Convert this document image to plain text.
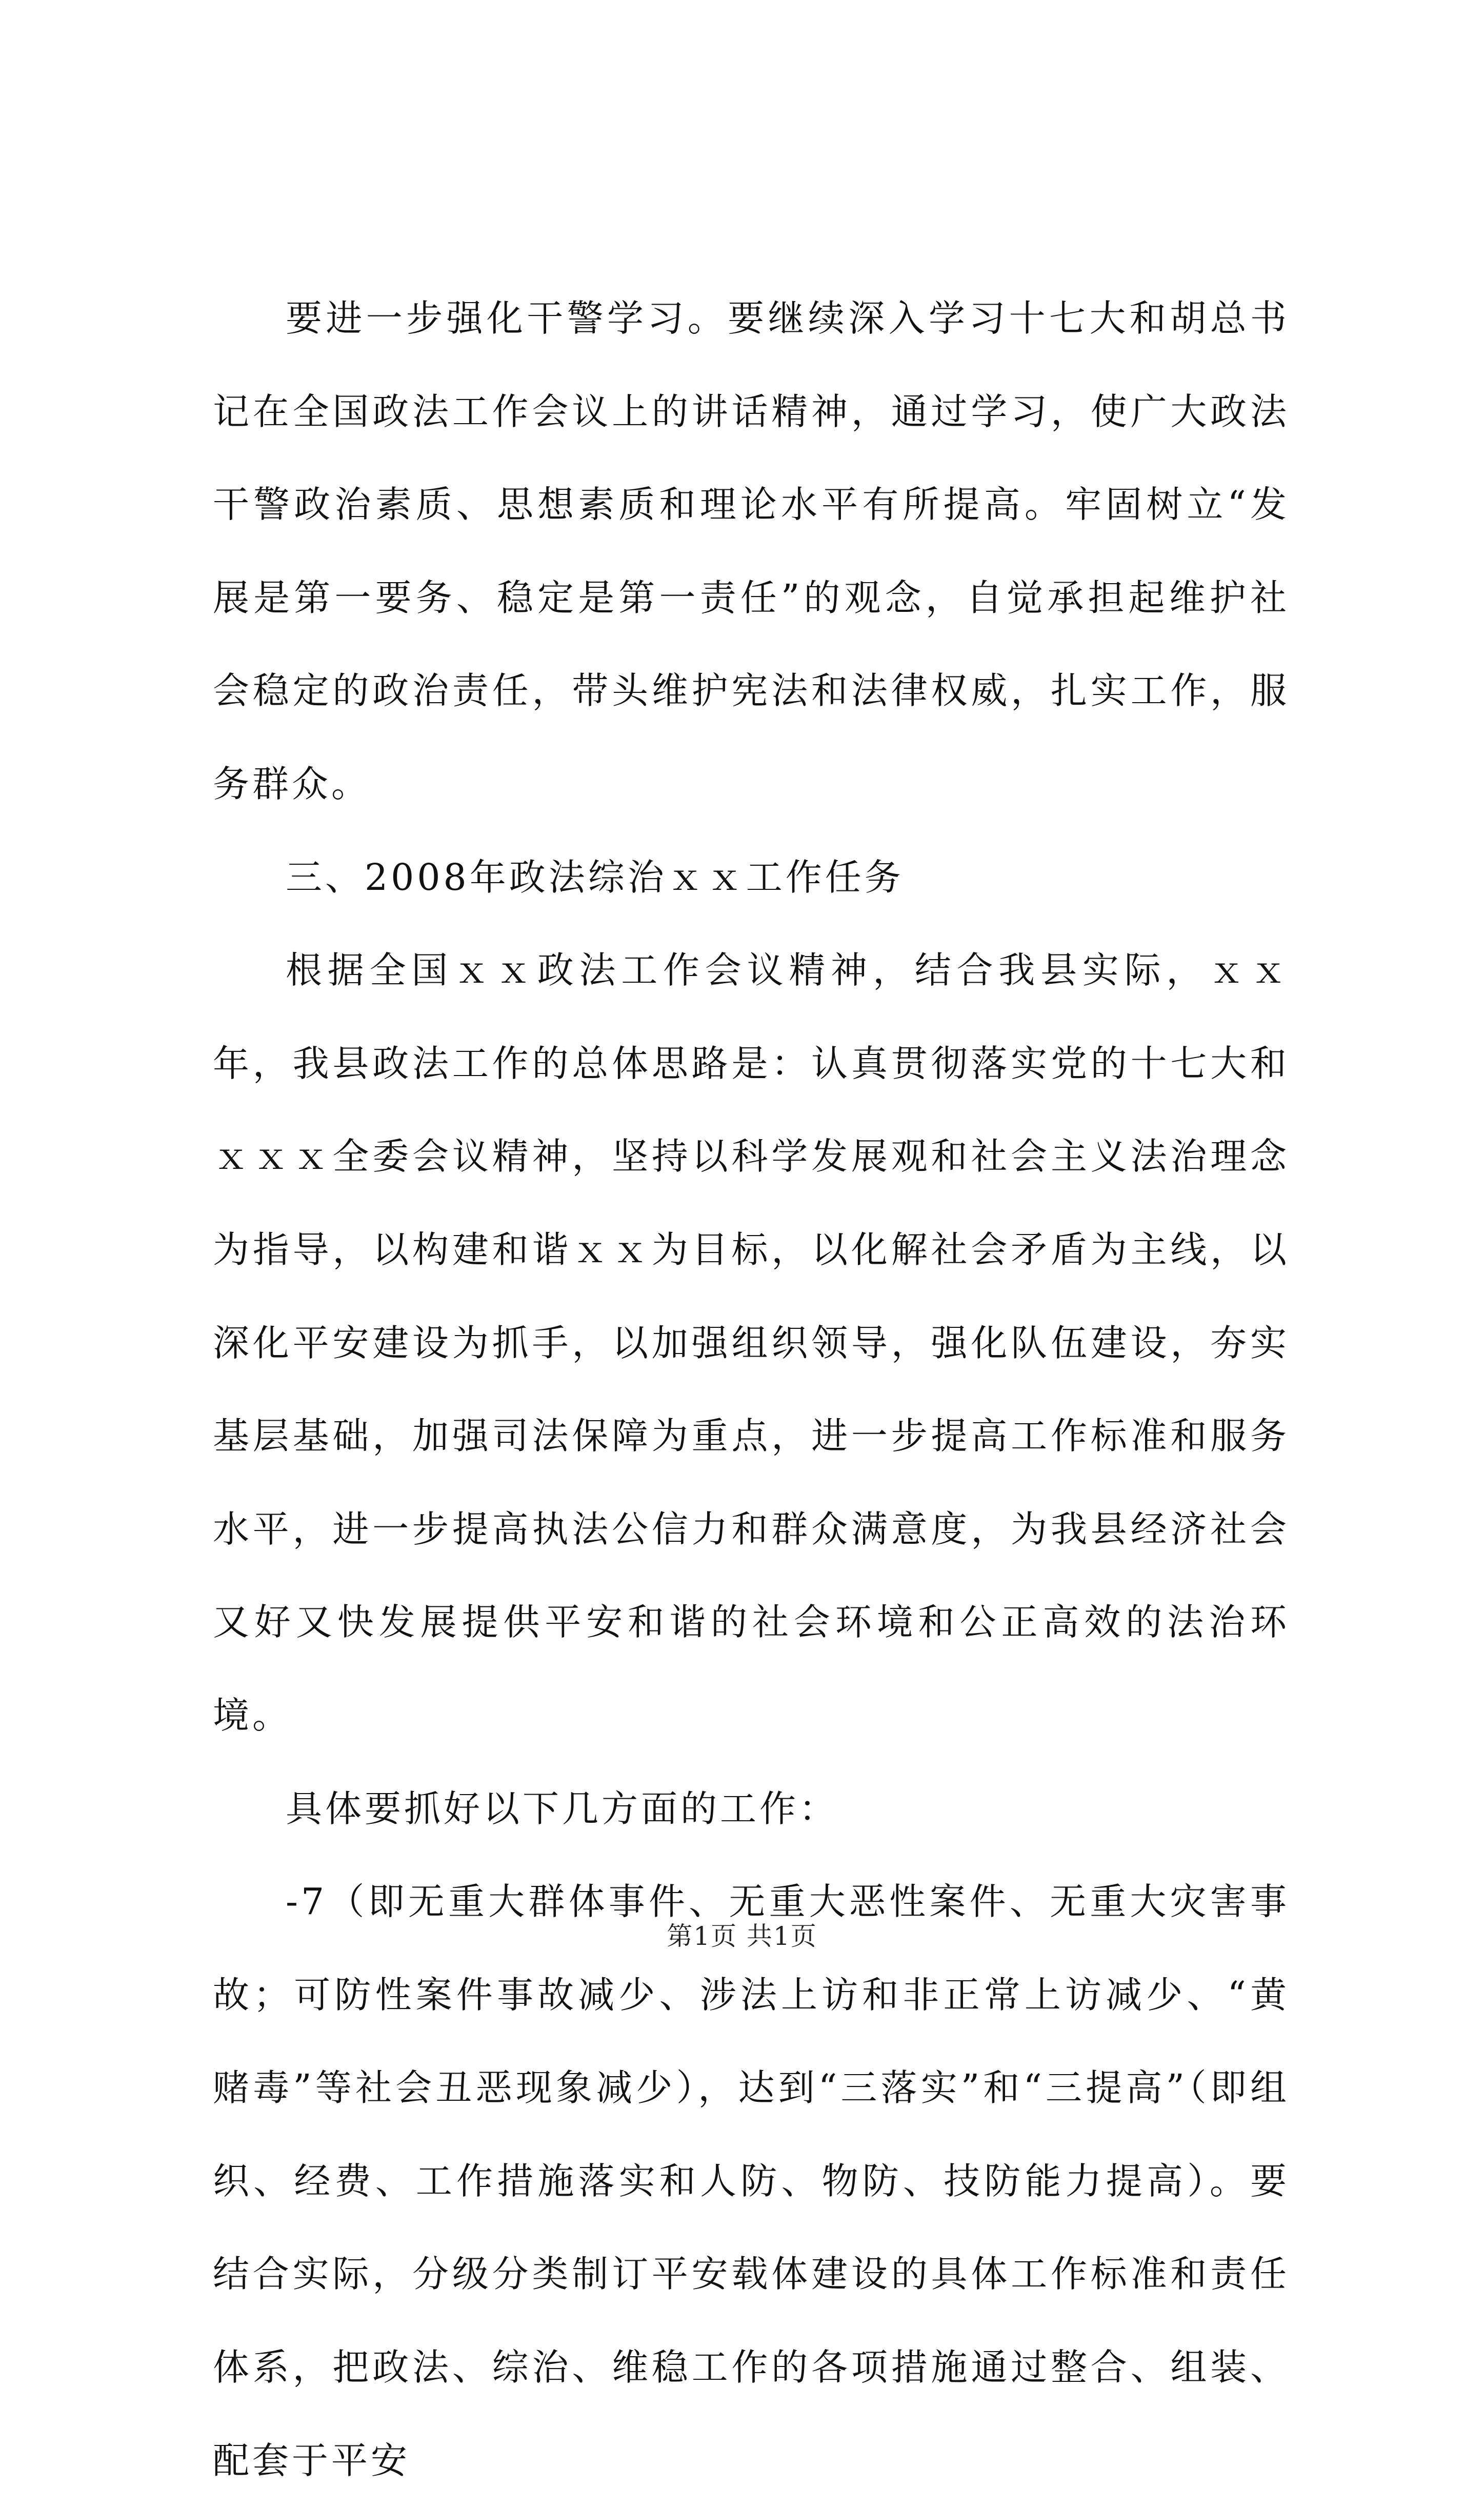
要进一步强化干警学习。要继续深入学习十七大和胡总书记在全国政法工作会议上的讲话精神，通过学习，使广大政法干警政治素质、思想素质和理论水平有所提高。牢固树立“发展是第一要务、稳定是第一责任”的观念，自觉承担起维护社会稳定的政治责任，带头维护宪法和法律权威，扎实工作，服务群众。

三、2008年政法综治ｘｘ工作任务

根据全国ｘｘ政法工作会议精神，结合我县实际，ｘｘ年，我县政法工作的总体思路是：认真贯彻落实党的十七大和ｘｘｘ全委会议精神，坚持以科学发展观和社会主义法治理念为指导，以构建和谐ｘｘ为目标，以化解社会矛盾为主线，以深化平安建设为抓手，以加强组织领导，强化队伍建设，夯实基层基础，加强司法保障为重点，进一步提高工作标准和服务水平，进一步提高执法公信力和群众满意度，为我县经济社会又好又快发展提供平安和谐的社会环境和公正高效的法治环境。

具体要抓好以下几方面的工作：

-7（即无重大群体事件、无重大恶性案件、无重大灾害事故；可防性案件事故减少、涉法上访和非正常上访减少、“黄赌毒”等社会丑恶现象减少），达到“三落实”和“三提高”（即组织、经费、工作措施落实和人防、物防、技防能力提高）。要结合实际，分级分类制订平安载体建设的具体工作标准和责任体系，把政法、综治、维稳工作的各项措施通过整合、组装、配套于平安

第1页 共1页
